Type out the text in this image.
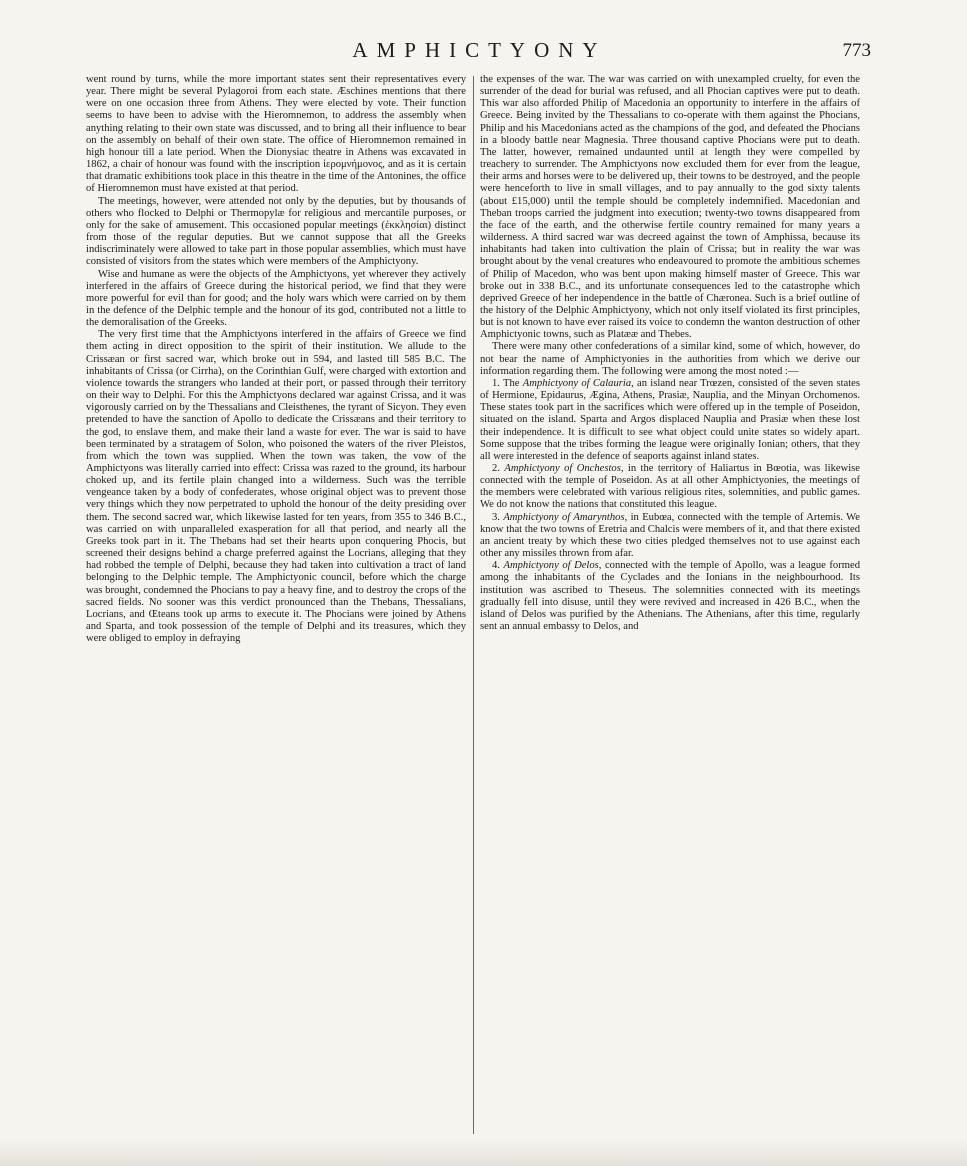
AMPHICTYONY	773

went round by turns, while the more important states sent their representatives every year. There might be several Pylagoroi from each state. Æschines mentions that there were on one occasion three from Athens. They were elected by vote. Their function seems to have been to advise with the Hieromnemon, to address the assembly when anything relating to their own state was discussed, and to bring all their influence to bear on the assembly on behalf of their own state. The office of Hieromnemon remained in high honour till a late period. When the Dionysiac theatre in Athens was excavated in 1862, a chair of honour was found with the inscription ἱερομνήμονος, and as it is certain that dramatic exhibitions took place in this theatre in the time of the Antonines, the office of Hieromnemon must have existed at that period.

The meetings, however, were attended not only by the deputies, but by thousands of others who flocked to Delphi or Thermopylæ for religious and mercantile purposes, or only for the sake of amusement. This occasioned popular meetings (ἐκκλησίαι) distinct from those of the regular deputies. But we cannot suppose that all the Greeks indiscriminately were allowed to take part in those popular assemblies, which must have consisted of visitors from the states which were members of the Amphictyony.

Wise and humane as were the objects of the Amphictyons, yet wherever they actively interfered in the affairs of Greece during the historical period, we find that they were more powerful for evil than for good; and the holy wars which were carried on by them in the defence of the Delphic temple and the honour of its god, contributed not a little to the demoralisation of the Greeks.

The very first time that the Amphictyons interfered in the affairs of Greece we find them acting in direct opposition to the spirit of their institution. We allude to the Crissæan or first sacred war, which broke out in 594, and lasted till 585 B.C. The inhabitants of Crissa (or Cirrha), on the Corinthian Gulf, were charged with extortion and violence towards the strangers who landed at their port, or passed through their territory on their way to Delphi. For this the Amphictyons declared war against Crissa, and it was vigorously carried on by the Thessalians and Cleisthenes, the tyrant of Sicyon. They even pretended to have the sanction of Apollo to dedicate the Crissæans and their territory to the god, to enslave them, and make their land a waste for ever. The war is said to have been terminated by a stratagem of Solon, who poisoned the waters of the river Pleistos, from which the town was supplied. When the town was taken, the vow of the Amphictyons was literally carried into effect: Crissa was razed to the ground, its harbour choked up, and its fertile plain changed into a wilderness. Such was the terrible vengeance taken by a body of confederates, whose original object was to prevent those very things which they now perpetrated to uphold the honour of the deity presiding over them. The second sacred war, which likewise lasted for ten years, from 355 to 346 B.C., was carried on with unparalleled exasperation for all that period, and nearly all the Greeks took part in it. The Thebans had set their hearts upon conquering Phocis, but screened their designs behind a charge preferred against the Locrians, alleging that they had robbed the temple of Delphi, because they had taken into cultivation a tract of land belonging to the Delphic temple. The Amphictyonic council, before which the charge was brought, condemned the Phocians to pay a heavy fine, and to destroy the crops of the sacred fields. No sooner was this verdict pronounced than the Thebans, Thessalians, Locrians, and Œteans took up arms to execute it. The Phocians were joined by Athens and Sparta, and took possession of the temple of Delphi and its treasures, which they were obliged to employ in defraying

the expenses of the war. The war was carried on with unexampled cruelty, for even the surrender of the dead for burial was refused, and all Phocian captives were put to death. This war also afforded Philip of Macedonia an opportunity to interfere in the affairs of Greece. Being invited by the Thessalians to co-operate with them against the Phocians, Philip and his Macedonians acted as the champions of the god, and defeated the Phocians in a bloody battle near Magnesia. Three thousand captive Phocians were put to death. The latter, however, remained undaunted until at length they were compelled by treachery to surrender. The Amphictyons now excluded them for ever from the league, their arms and horses were to be delivered up, their towns to be destroyed, and the people were henceforth to live in small villages, and to pay annually to the god sixty talents (about £15,000) until the temple should be completely indemnified. Macedonian and Theban troops carried the judgment into execution; twenty-two towns disappeared from the face of the earth, and the otherwise fertile country remained for many years a wilderness. A third sacred war was decreed against the town of Amphissa, because its inhabitants had taken into cultivation the plain of Crissa; but in reality the war was brought about by the venal creatures who endeavoured to promote the ambitious schemes of Philip of Macedon, who was bent upon making himself master of Greece. This war broke out in 338 B.C., and its unfortunate consequences led to the catastrophe which deprived Greece of her independence in the battle of Chæronea. Such is a brief outline of the history of the Delphic Amphictyony, which not only itself violated its first principles, but is not known to have ever raised its voice to condemn the wanton destruction of other Amphictyonic towns, such as Platææ and Thebes.

There were many other confederations of a similar kind, some of which, however, do not bear the name of Amphictyonies in the authorities from which we derive our information regarding them. The following were among the most noted :—

1. The Amphictyony of Calauria, an island near Trœzen, consisted of the seven states of Hermione, Epidaurus, Ægina, Athens, Prasiæ, Nauplia, and the Minyan Orchomenos. These states took part in the sacrifices which were offered up in the temple of Poseidon, situated on the island. Sparta and Argos displaced Nauplia and Prasiæ when these lost their independence. It is difficult to see what object could unite states so widely apart. Some suppose that the tribes forming the league were originally Ionian; others, that they all were interested in the defence of seaports against inland states.

2. Amphictyony of Onchestos, in the territory of Haliartus in Bœotia, was likewise connected with the temple of Poseidon. As at all other Amphictyonies, the meetings of the members were celebrated with various religious rites, solemnities, and public games. We do not know the nations that constituted this league.

3. Amphictyony of Amarynthos, in Eubœa, connected with the temple of Artemis. We know that the two towns of Eretria and Chalcis were members of it, and that there existed an ancient treaty by which these two cities pledged themselves not to use against each other any missiles thrown from afar.

4. Amphictyony of Delos, connected with the temple of Apollo, was a league formed among the inhabitants of the Cyclades and the Ionians in the neighbourhood. Its institution was ascribed to Theseus. The solemnities connected with its meetings gradually fell into disuse, until they were revived and increased in 426 B.C., when the island of Delos was purified by the Athenians. The Athenians, after this time, regularly sent an annual embassy to Delos, and
